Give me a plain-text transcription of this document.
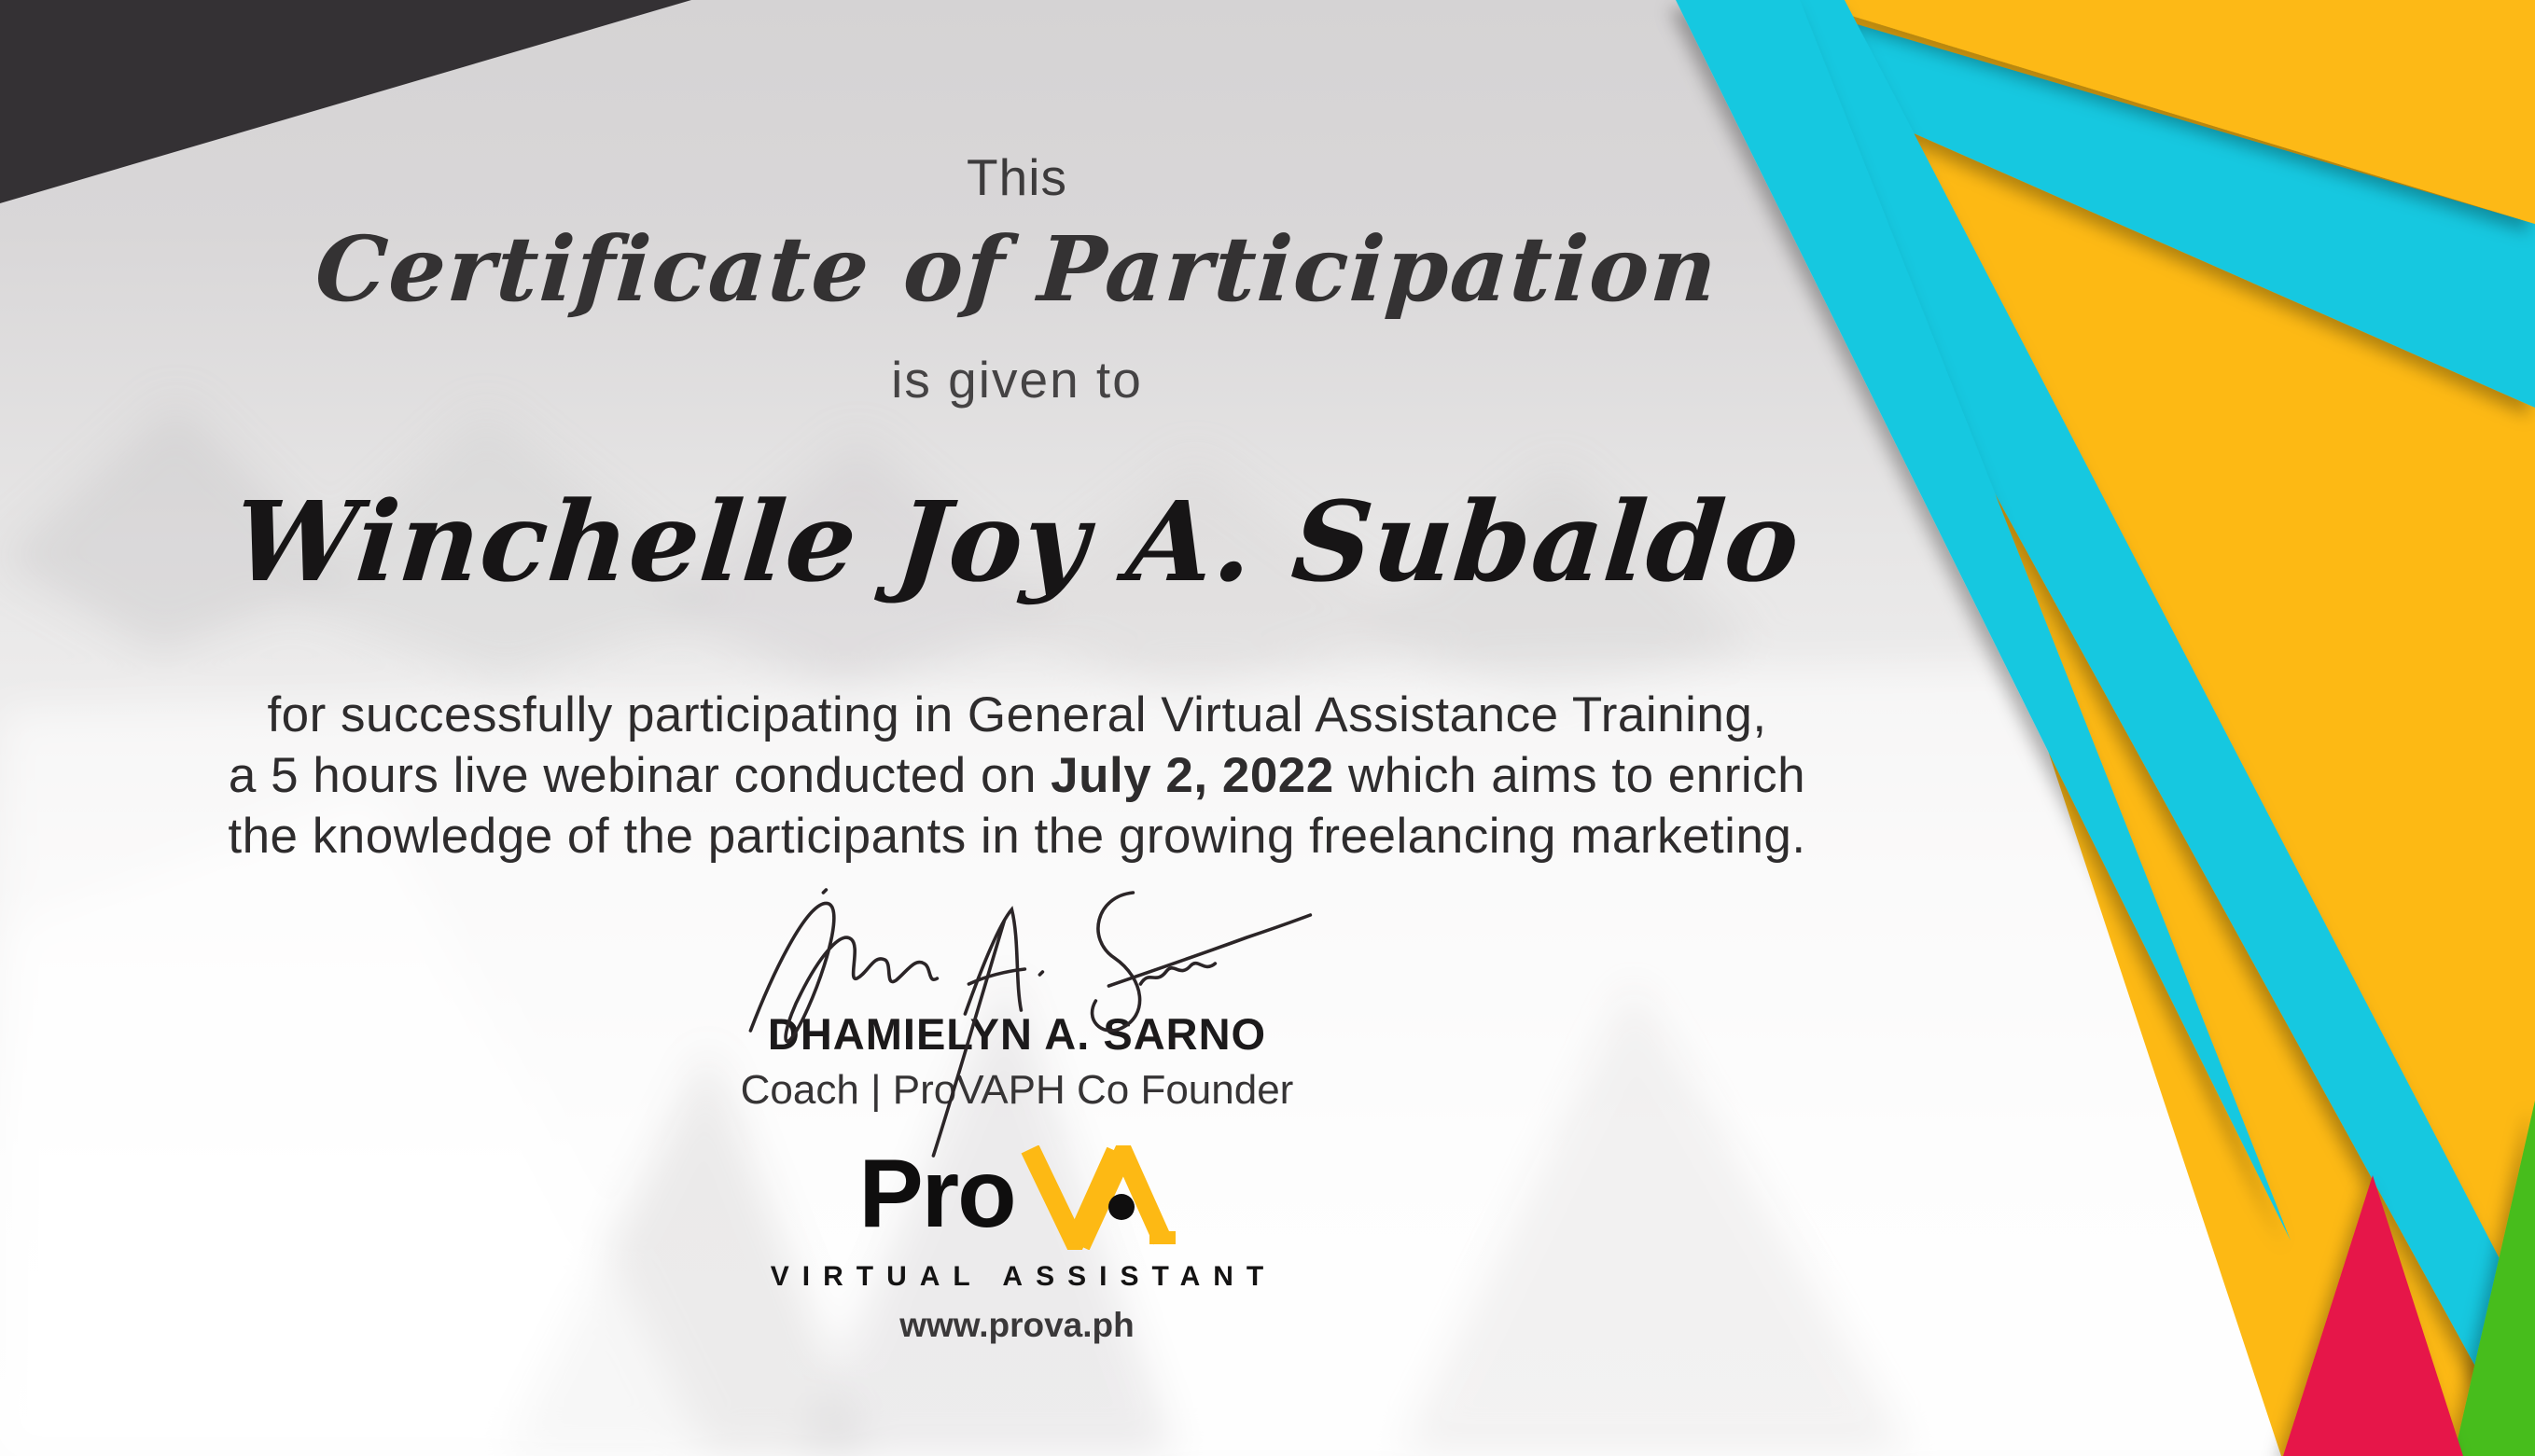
This
Certificate of Participation
is given to
Winchelle Joy A. Subaldo
for successfully participating in General Virtual Assistance Training,
a 5 hours live webinar conducted on July 2, 2022 which aims to enrich
the knowledge of the participants in the growing freelancing marketing.
DHAMIELYN A. SARNO
Coach | ProVAPH Co Founder
Pro
VIRTUAL ASSISTANT
www.prova.ph
